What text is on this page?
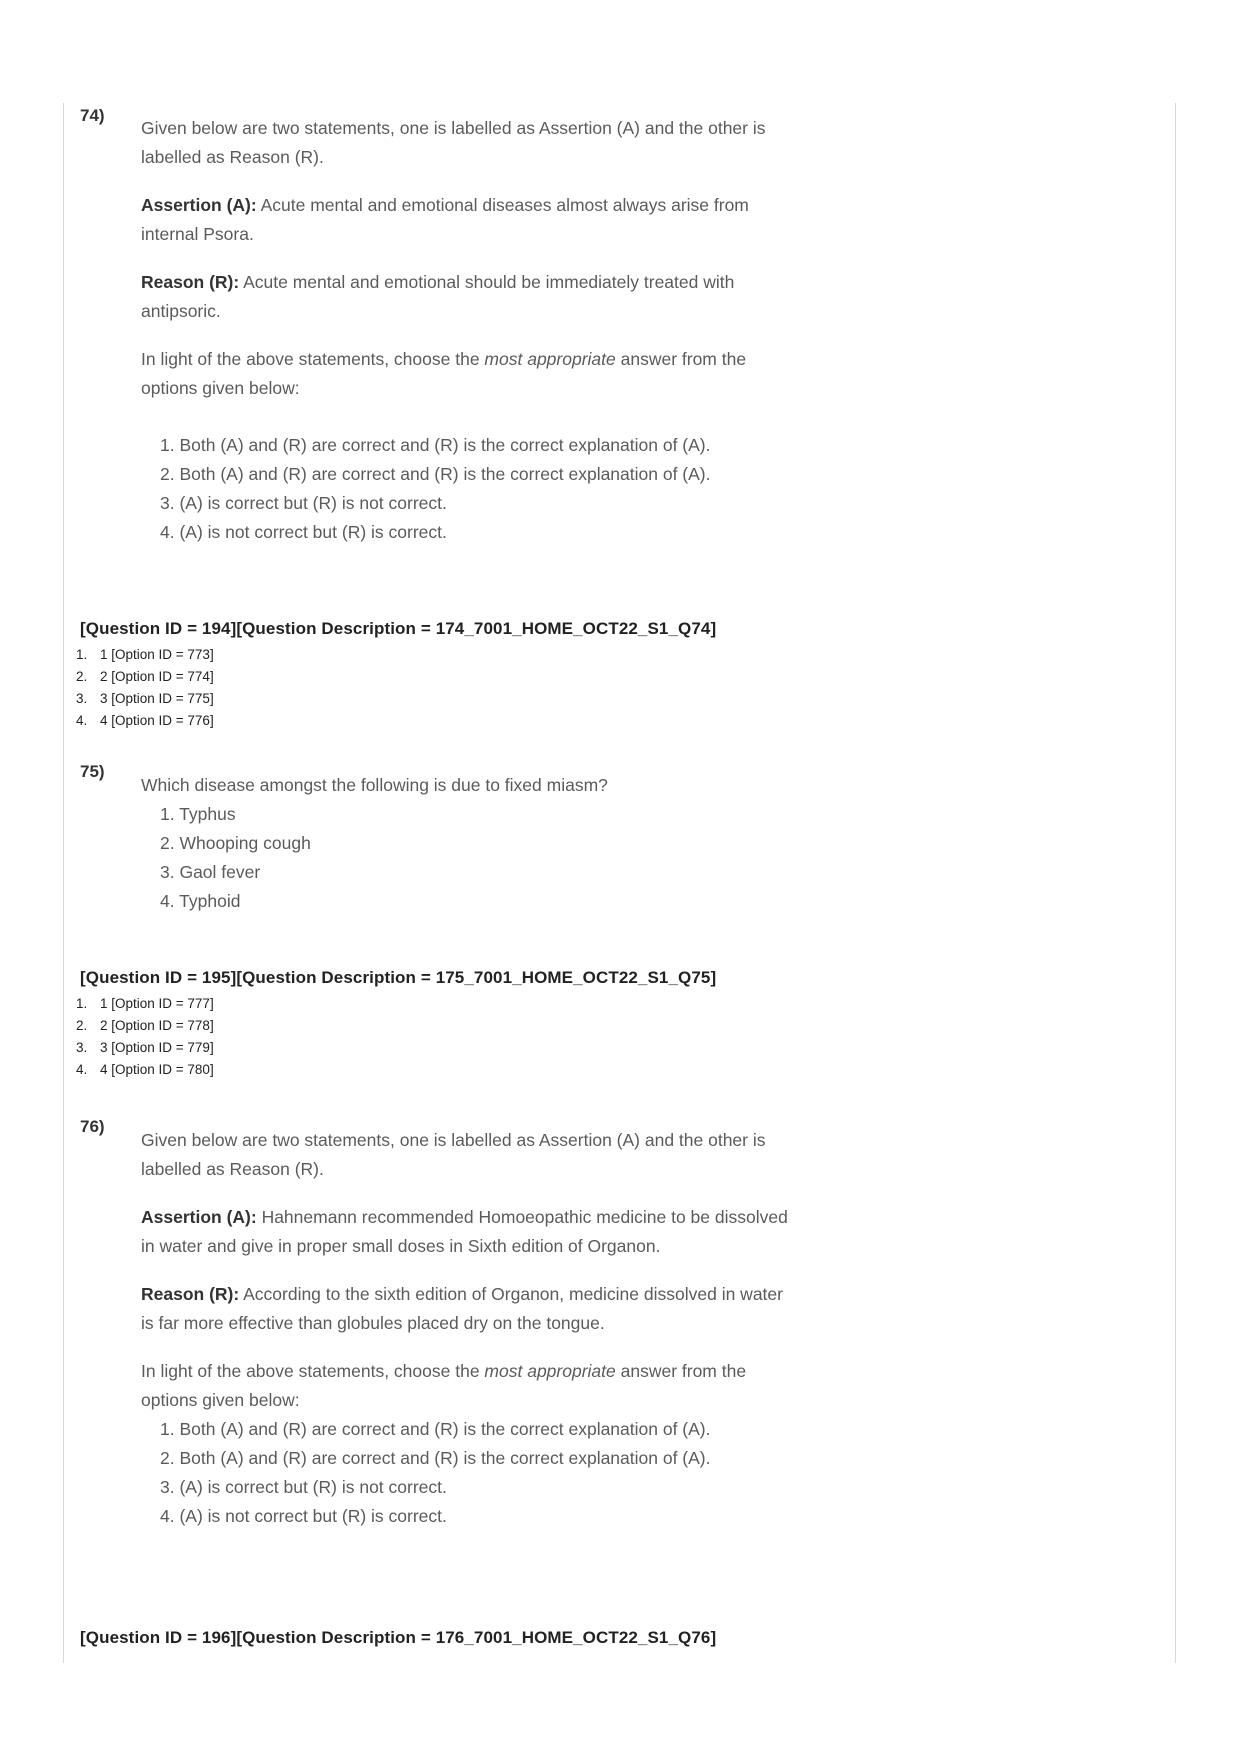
74)

Given below are two statements, one is labelled as Assertion (A) and the other is labelled as Reason (R).

Assertion (A): Acute mental and emotional diseases almost always arise from internal Psora.

Reason (R): Acute mental and emotional should be immediately treated with antipsoric.

In light of the above statements, choose the most appropriate answer from the options given below:

1. Both (A) and (R) are correct and (R) is the correct explanation of (A).
2. Both (A) and (R) are correct and (R) is the correct explanation of (A).
3. (A) is correct but (R) is not correct.
4. (A) is not correct but (R) is correct.
[Question ID = 194][Question Description = 174_7001_HOME_OCT22_S1_Q74]
1. 1 [Option ID = 773]
2. 2 [Option ID = 774]
3. 3 [Option ID = 775]
4. 4 [Option ID = 776]
75)

Which disease amongst the following is due to fixed miasm?

1. Typhus
2. Whooping cough
3. Gaol fever
4. Typhoid
[Question ID = 195][Question Description = 175_7001_HOME_OCT22_S1_Q75]
1. 1 [Option ID = 777]
2. 2 [Option ID = 778]
3. 3 [Option ID = 779]
4. 4 [Option ID = 780]
76)

Given below are two statements, one is labelled as Assertion (A) and the other is labelled as Reason (R).

Assertion (A): Hahnemann recommended Homoeopathic medicine to be dissolved in water and give in proper small doses in Sixth edition of Organon.

Reason (R): According to the sixth edition of Organon, medicine dissolved in water is far more effective than globules placed dry on the tongue.

In light of the above statements, choose the most appropriate answer from the options given below:

1. Both (A) and (R) are correct and (R) is the correct explanation of (A).
2. Both (A) and (R) are correct and (R) is the correct explanation of (A).
3. (A) is correct but (R) is not correct.
4. (A) is not correct but (R) is correct.
[Question ID = 196][Question Description = 176_7001_HOME_OCT22_S1_Q76]
